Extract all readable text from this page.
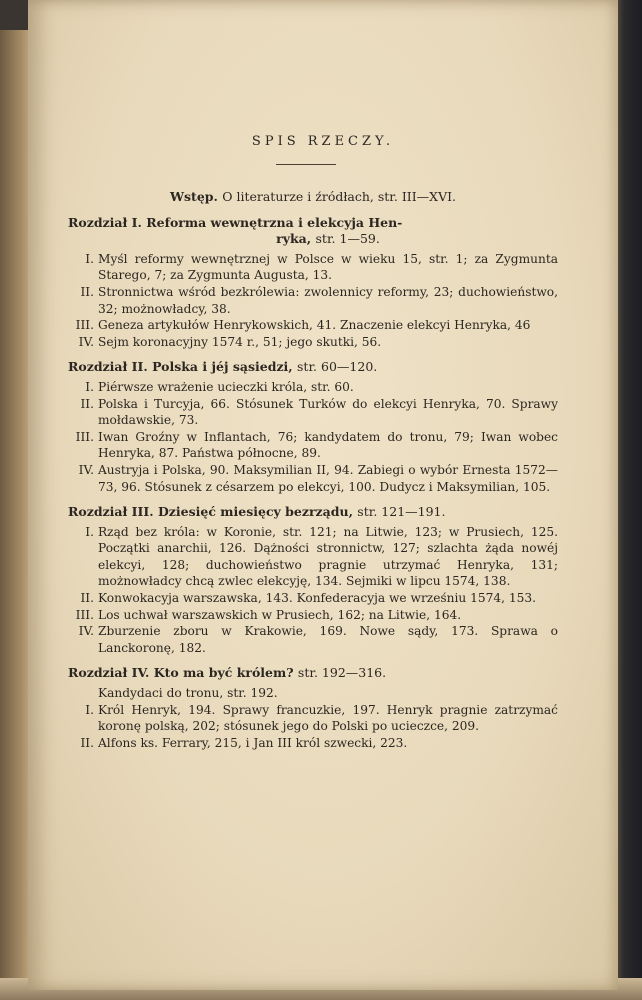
SPIS RZECZY.
Wstęp. O literaturze i źródłach, str. III—XVI.
Rozdział I. Reforma wewnętrzna i elekcyja Hen-
ryka, str. 1—59.
I. Myśl reformy wewnętrznej w Polsce w wieku 15, str. 1; za Zygmunta Starego, 7; za Zygmunta Augusta, 13.
II. Stronnictwa wśród bezkrólewia: zwolennicy reformy, 23; duchowieństwo, 32; możnowładcy, 38.
III. Geneza artykułów Henrykowskich, 41. Znaczenie elekcyi Henryka, 46
IV. Sejm koronacyjny 1574 r., 51; jego skutki, 56.
Rozdział II. Polska i jéj sąsiedzi, str. 60—120.
I. Piérwsze wrażenie ucieczki króla, str. 60.
II. Polska i Turcyja, 66. Stósunek Turków do elekcyi Henryka, 70. Sprawy mołdawskie, 73.
III. Iwan Groźny w Inflantach, 76; kandydatem do tronu, 79; Iwan wobec Henryka, 87. Państwa północne, 89.
IV. Austryja i Polska, 90. Maksymilian II, 94. Zabiegi o wybór Ernesta 1572—73, 96. Stósunek z césarzem po elekcyi, 100. Dudycz i Maksymilian, 105.
Rozdział III. Dziesięć miesięcy bezrządu, str. 121—191.
I. Rząd bez króla: w Koronie, str. 121; na Litwie, 123; w Prusiech, 125. Początki anarchii, 126. Dążności stronnictw, 127; szlachta żąda nowéj elekcyi, 128; duchowieństwo pragnie utrzymać Henryka, 131; możnowładcy chcą zwlec elekcyję, 134. Sejmiki w lipcu 1574, 138.
II. Konwokacyja warszawska, 143. Konfederacyja we wrześniu 1574, 153.
III. Los uchwał warszawskich w Prusiech, 162; na Litwie, 164.
IV. Zburzenie zboru w Krakowie, 169. Nowe sądy, 173. Sprawa o Lanckoronę, 182.
Rozdział IV. Kto ma być królem? str. 192—316.
Kandydaci do tronu, str. 192.
I. Król Henryk, 194. Sprawy francuzkie, 197. Henryk pragnie zatrzymać koronę polską, 202; stósunek jego do Polski po ucieczce, 209.
II. Alfons ks. Ferrary, 215, i Jan III król szwecki, 223.
